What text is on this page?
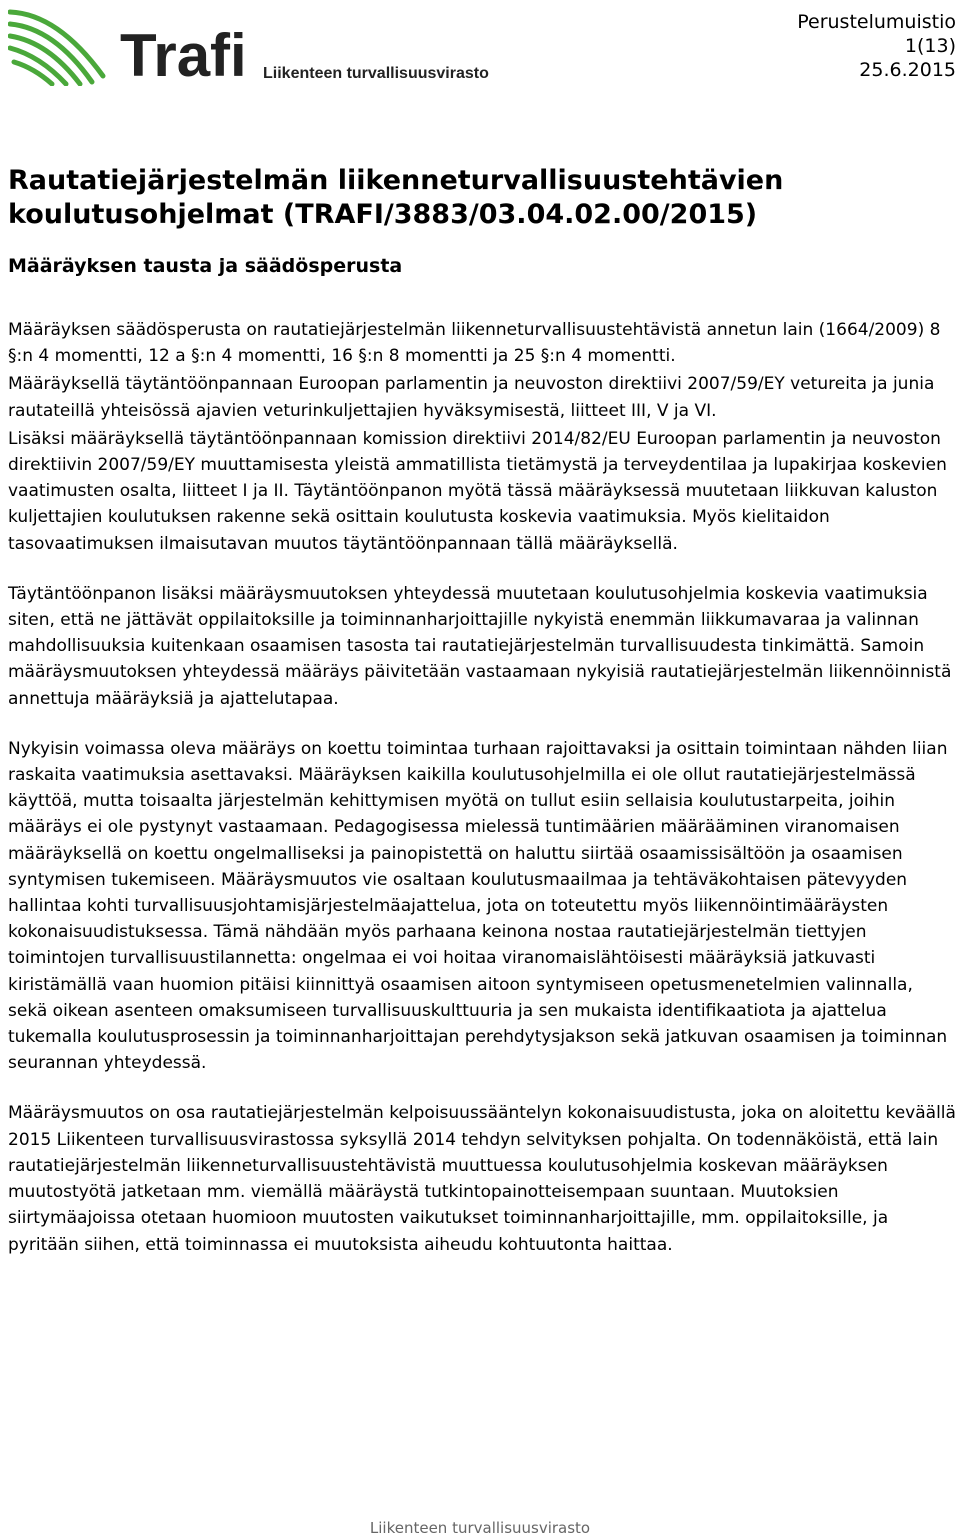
Trafi Liikenteen turvallisuusvirasto
Perustelumuistio
1(13)
25.6.2015
Rautatiejärjestelmän liikenneturvallisuustehtävien koulutusohjelmat (TRAFI/3883/03.04.02.00/2015)
Määräyksen tausta ja säädösperusta

Määräyksen säädösperusta on rautatiejärjestelmän liikenneturvallisuustehtävistä annetun lain (1664/2009) 8 §:n 4 momentti, 12 a §:n 4 momentti, 16 §:n 8 momentti ja 25 §:n 4 momentti.

Määräyksellä täytäntöönpannaan Euroopan parlamentin ja neuvoston direktiivi 2007/59/EY vetureita ja junia rautateillä yhteisössä ajavien veturinkuljettajien hyväksymisestä, liitteet III, V ja VI.

Lisäksi määräyksellä täytäntöönpannaan komission direktiivi 2014/82/EU Euroopan parlamentin ja neuvoston direktiivin 2007/59/EY muuttamisesta yleistä ammatillista tietämystä ja terveydentilaa ja lupakirjaa koskevien vaatimusten osalta, liitteet I ja II. Täytäntöönpanon myötä tässä määräyksessä muutetaan liikkuvan kaluston kuljettajien koulutuksen rakenne sekä osittain koulutusta koskevia vaatimuksia. Myös kielitaidon tasovaatimuksen ilmaisutavan muutos täytäntöönpannaan tällä määräyksellä.

Täytäntöönpanon lisäksi määräysmuutoksen yhteydessä muutetaan koulutusohjelmia koskevia vaatimuksia siten, että ne jättävät oppilaitoksille ja toiminnanharjoittajille nykyistä enemmän liikkumavaraa ja valinnan mahdollisuuksia kuitenkaan osaamisen tasosta tai rautatiejärjestelmän turvallisuudesta tinkimättä. Samoin määräysmuutoksen yhteydessä määräys päivitetään vastaamaan nykyisiä rautatiejärjestelmän liikennöinnistä annettuja määräyksiä ja ajattelutapaa.

Nykyisin voimassa oleva määräys on koettu toimintaa turhaan rajoittavaksi ja osittain toimintaan nähden liian raskaita vaatimuksia asettavaksi. Määräyksen kaikilla koulutusohjelmilla ei ole ollut rautatiejärjestelmässä käyttöä, mutta toisaalta järjestelmän kehittymisen myötä on tullut esiin sellaisia koulutustarpeita, joihin määräys ei ole pystynyt vastaamaan. Pedagogisessa mielessä tuntimäärien määrääminen viranomaisen määräyksellä on koettu ongelmalliseksi ja painopistettä on haluttu siirtää osaamissisältöön ja osaamisen syntymisen tukemiseen. Määräysmuutos vie osaltaan koulutusmaailmaa ja tehtäväkohtaisen pätevyyden hallintaa kohti turvallisuusjohtamisjärjestelmäajattelua, jota on toteutettu myös liikennöintimääräysten kokonaisuudistuksessa. Tämä nähdään myös parhaana keinona nostaa rautatiejärjestelmän tiettyjen toimintojen turvallisuustilannetta: ongelmaa ei voi hoitaa viranomaislähtöisesti määräyksiä jatkuvasti kiristämällä vaan huomion pitäisi kiinnittyä osaamisen aitoon syntymiseen opetusmenetelmien valinnalla, sekä oikean asenteen omaksumiseen turvallisuuskulttuuria ja sen mukaista identifikaatiota ja ajattelua tukemalla koulutusprosessin ja toiminnanharjoittajan perehdytysjakson sekä jatkuvan osaamisen ja toiminnan seurannan yhteydessä.

Määräysmuutos on osa rautatiejärjestelmän kelpoisuussääntelyn kokonaisuudistusta, joka on aloitettu keväällä 2015 Liikenteen turvallisuusvirastossa syksyllä 2014 tehdyn selvityksen pohjalta. On todennäköistä, että lain rautatiejärjestelmän liikenneturvallisuustehtävistä muuttuessa koulutusohjelmia koskevan määräyksen muutostyötä jatketaan mm. viemällä määräystä tutkintopainotteisempaan suuntaan. Muutoksien siirtymäajoissa otetaan huomioon muutosten vaikutukset toiminnanharjoittajille, mm. oppilaitoksille, ja pyritään siihen, että toiminnassa ei muutoksista aiheudu kohtuutonta haittaa.

Liikenteen turvallisuusvirasto
